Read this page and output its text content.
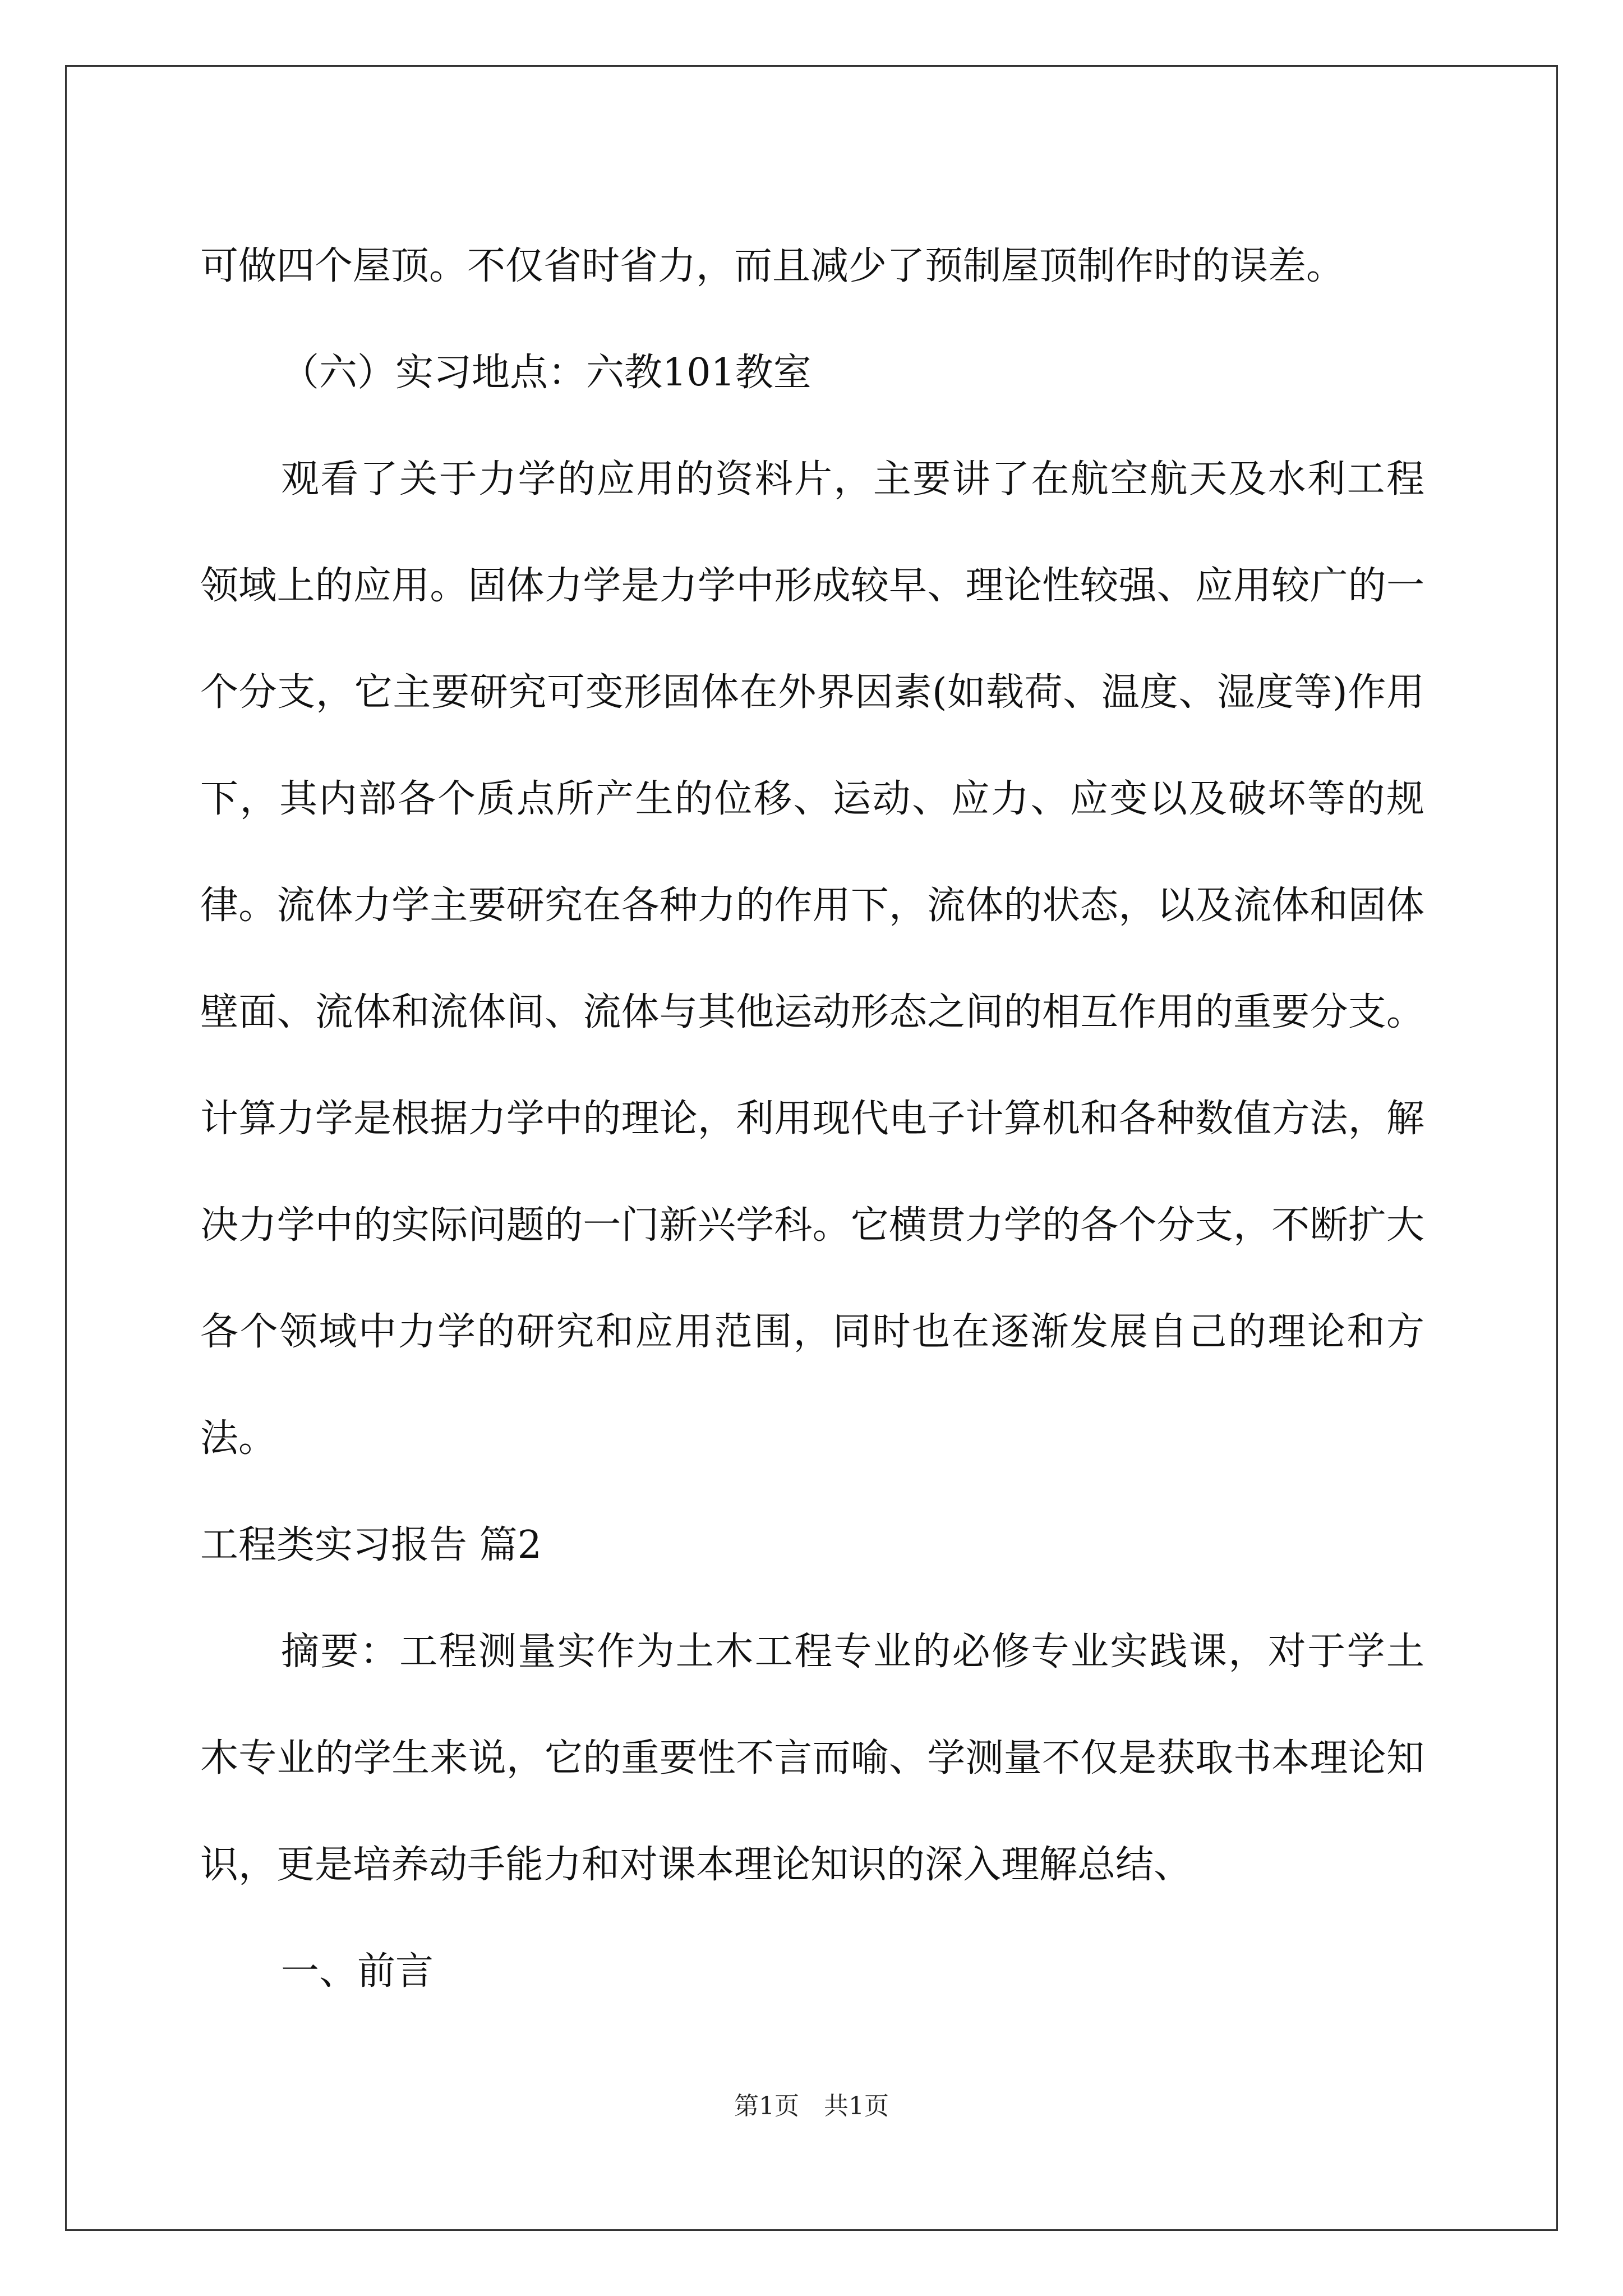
可做四个屋顶。不仅省时省力，而且减少了预制屋顶制作时的误差。

（六）实习地点：六教101教室

观看了关于力学的应用的资料片，主要讲了在航空航天及水利工程领域上的应用。固体力学是力学中形成较早、理论性较强、应用较广的一个分支，它主要研究可变形固体在外界因素(如载荷、温度、湿度等)作用下，其内部各个质点所产生的位移、运动、应力、应变以及破坏等的规律。流体力学主要研究在各种力的作用下，流体的状态，以及流体和固体壁面、流体和流体间、流体与其他运动形态之间的相互作用的重要分支。计算力学是根据力学中的理论，利用现代电子计算机和各种数值方法，解决力学中的实际问题的一门新兴学科。它横贯力学的各个分支，不断扩大各个领域中力学的研究和应用范围，同时也在逐渐发展自己的理论和方法。

工程类实习报告 篇2

摘要：工程测量实作为土木工程专业的必修专业实践课，对于学土木专业的学生来说，它的重要性不言而喻、学测量不仅是获取书本理论知识，更是培养动手能力和对课本理论知识的深入理解总结、

一、前言

第1页　共1页
